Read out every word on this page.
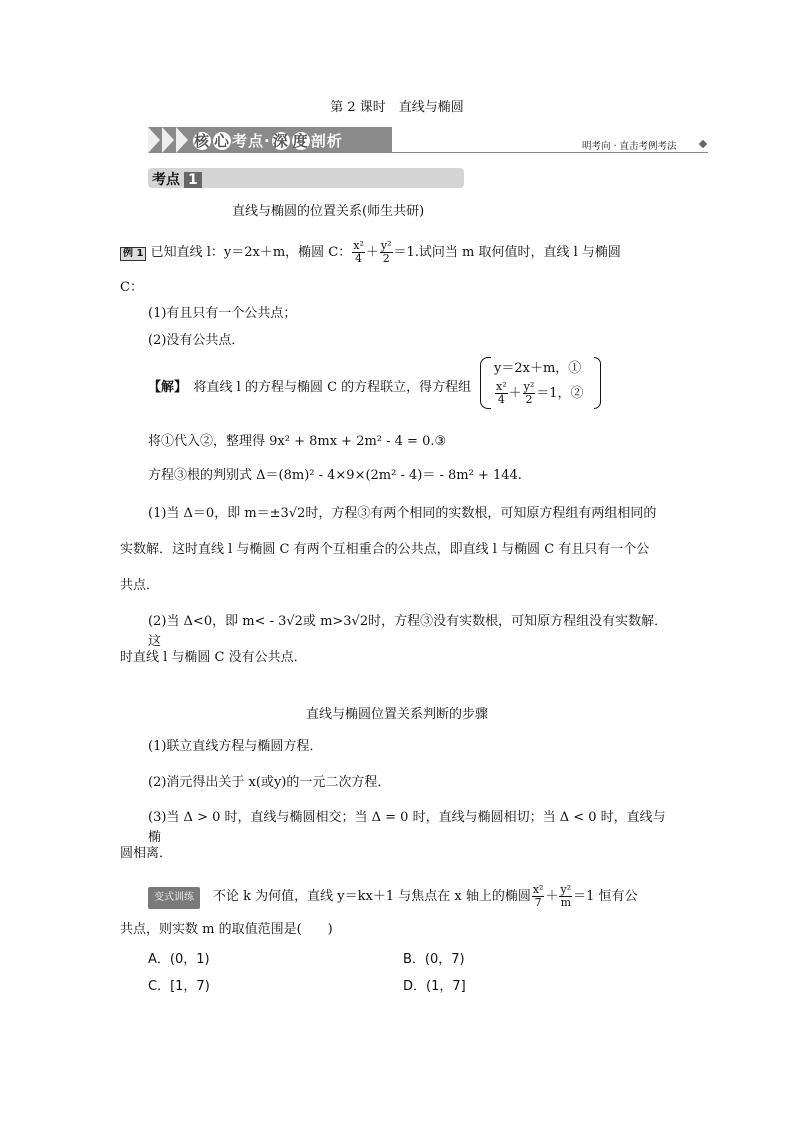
第 2 课时　直线与椭圆
核 心 考点· 深 度 剖析	明考向 · 直击考例考法
考点 1
直线与椭圆的位置关系(师生共研)
例 1 已知直线 l：y＝2x＋m，椭圆 C： $\frac{\text{x²}}{4} + \frac{\text{y²}}{2} =1$.试问当 m 取何值时，直线 l 与椭圆
C：
(1)有且只有一个公共点；
(2)没有公共点．
【解】　 将直线 l 的方程与椭圆 C 的方程联立，得方程组
y＝2x＋m，①
$\frac{\text{x²}}{4} + \frac{\text{y²}}{2} =1$，②
将①代入②，整理得 9x² + 8mx + 2m² - 4 = 0.③
方程③根的判别式 Δ＝(8m)² - 4×9×(2m² - 4)＝ - 8m² + 144.
(1)当 Δ＝0，即 m＝±3√2时，方程③有两个相同的实数根，可知原方程组有两组相同的
实数解．这时直线 l 与椭圆 C 有两个互相重合的公共点，即直线 l 与椭圆 C 有且只有一个公
共点．
(2)当 Δ<0，即 m< - 3√2或 m>3√2时，方程③没有实数根，可知原方程组没有实数解．这
时直线 l 与椭圆 C 没有公共点．
直线与椭圆位置关系判断的步骤
(1)联立直线方程与椭圆方程．
(2)消元得出关于 x(或y)的一元二次方程．
(3)当 Δ > 0 时，直线与椭圆相交；当 Δ = 0 时，直线与椭圆相切；当 Δ < 0 时，直线与椭
圆相离．
变式训练　 不论 k 为何值，直线 y＝kx＋1 与焦点在 x 轴上的椭圆 $\frac{\text{x²}}{7} + \frac{\text{y²}}{m} =1$ 恒有公
共点，则实数 m 的取值范围是(　　)
A．(0，1)	B．(0，7)
C．[1，7)	D．(1，7]
